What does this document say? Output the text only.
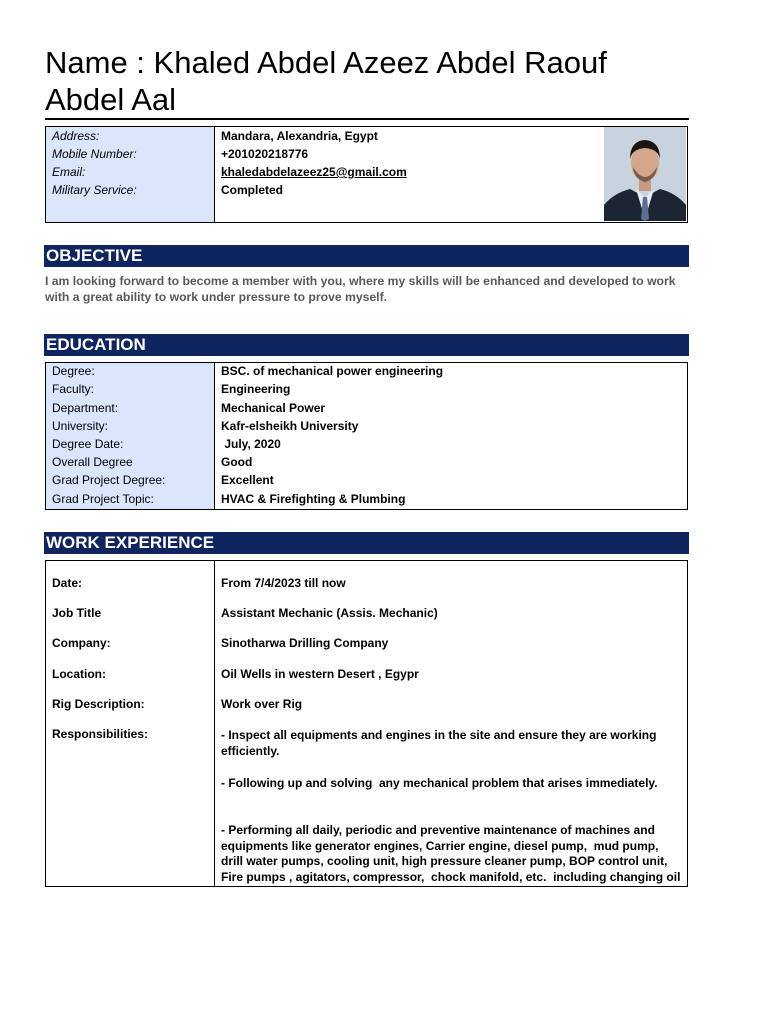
Name : Khaled Abdel Azeez Abdel Raouf
Abdel Aal
Address:	Mandara, Alexandria, Egypt
Mobile Number:	+201020218776
Email:	khaledabdelazeez25@gmail.com
Military Service:	Completed
OBJECTIVE
I am looking forward to become a member with you, where my skills will be enhanced and developed to work
with a great ability to work under pressure to prove myself.
EDUCATION
Degree:	BSC. of mechanical power engineering
Faculty:	Engineering
Department:	Mechanical Power
University:	Kafr-elsheikh University
Degree Date:	July, 2020
Overall Degree	Good
Grad Project Degree:	Excellent
Grad Project Topic:	HVAC & Firefighting & Plumbing
WORK EXPERIENCE
Date:	From 7/4/2023 till now
Job Title	Assistant Mechanic (Assis. Mechanic)
Company:	Sinotharwa Drilling Company
Location:	Oil Wells in western Desert , Egypr
Rig Description:	Work over Rig
Responsibilities:	- Inspect all equipments and engines in the site and ensure they are working
efficiently.
- Following up and solving  any mechanical problem that arises immediately.
- Performing all daily, periodic and preventive maintenance of machines and
equipments like generator engines, Carrier engine, diesel pump,  mud pump,
drill water pumps, cooling unit, high pressure cleaner pump, BOP control unit,
Fire pumps , agitators, compressor,  chock manifold, etc.  including changing oil
